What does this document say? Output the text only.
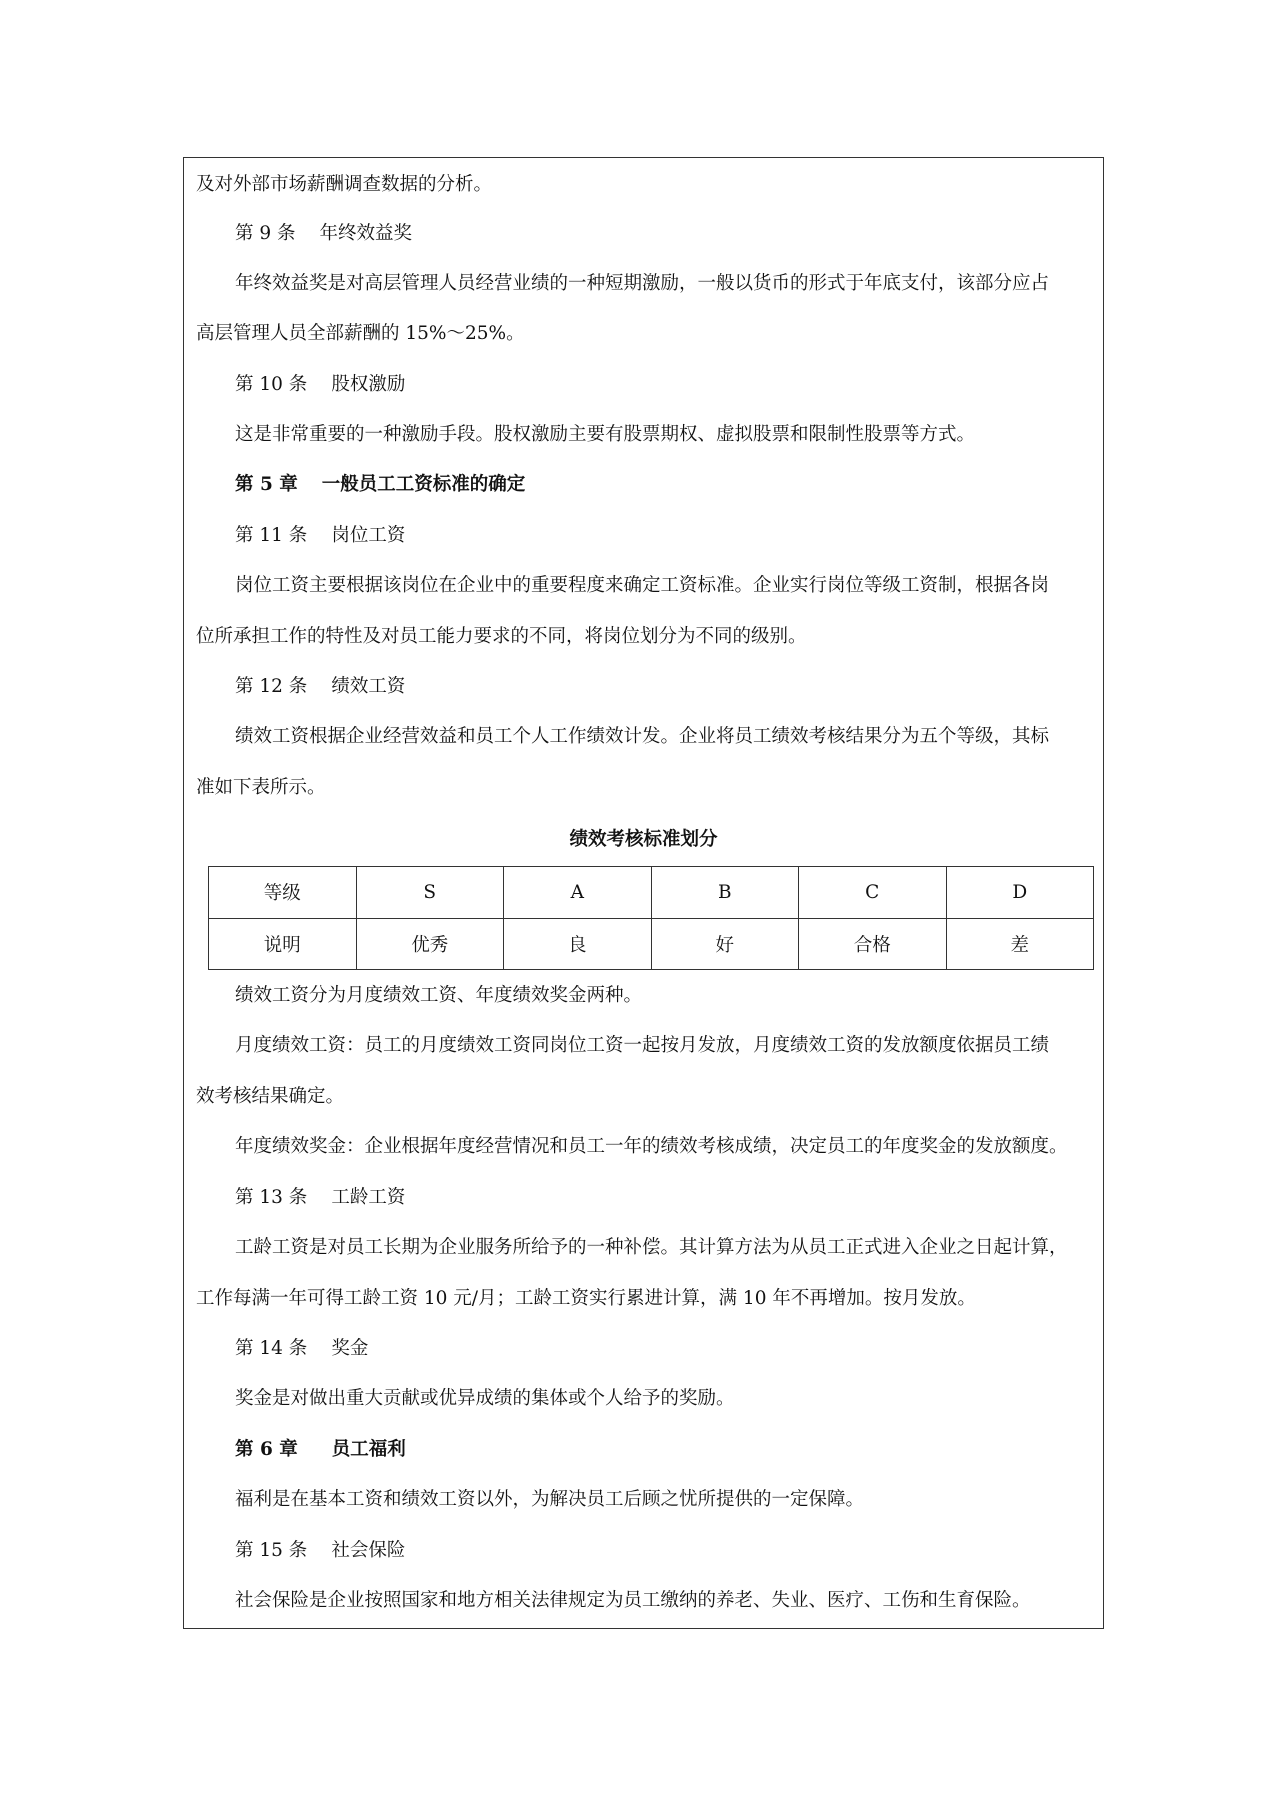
及对外部市场薪酬调查数据的分析。
第 9 条 年终效益奖
年终效益奖是对高层管理人员经营业绩的一种短期激励，一般以货币的形式于年底支付，该部分应占
高层管理人员全部薪酬的 15%～25%。
第 10 条 股权激励
这是非常重要的一种激励手段。股权激励主要有股票期权、虚拟股票和限制性股票等方式。
第 5 章 一般员工工资标准的确定
第 11 条 岗位工资
岗位工资主要根据该岗位在企业中的重要程度来确定工资标准。企业实行岗位等级工资制，根据各岗
位所承担工作的特性及对员工能力要求的不同，将岗位划分为不同的级别。
第 12 条 绩效工资
绩效工资根据企业经营效益和员工个人工作绩效计发。企业将员工绩效考核结果分为五个等级，其标
准如下表所示。
绩效考核标准划分
等级	S	A	B	C	D
说明	优秀	良	好	合格	差
绩效工资分为月度绩效工资、年度绩效奖金两种。
月度绩效工资：员工的月度绩效工资同岗位工资一起按月发放，月度绩效工资的发放额度依据员工绩
效考核结果确定。
年度绩效奖金：企业根据年度经营情况和员工一年的绩效考核成绩，决定员工的年度奖金的发放额度。
第 13 条 工龄工资
工龄工资是对员工长期为企业服务所给予的一种补偿。其计算方法为从员工正式进入企业之日起计算，
工作每满一年可得工龄工资 10 元/月；工龄工资实行累进计算，满 10 年不再增加。按月发放。
第 14 条 奖金
奖金是对做出重大贡献或优异成绩的集体或个人给予的奖励。
第 6 章 员工福利
福利是在基本工资和绩效工资以外，为解决员工后顾之忧所提供的一定保障。
第 15 条 社会保险
社会保险是企业按照国家和地方相关法律规定为员工缴纳的养老、失业、医疗、工伤和生育保险。
